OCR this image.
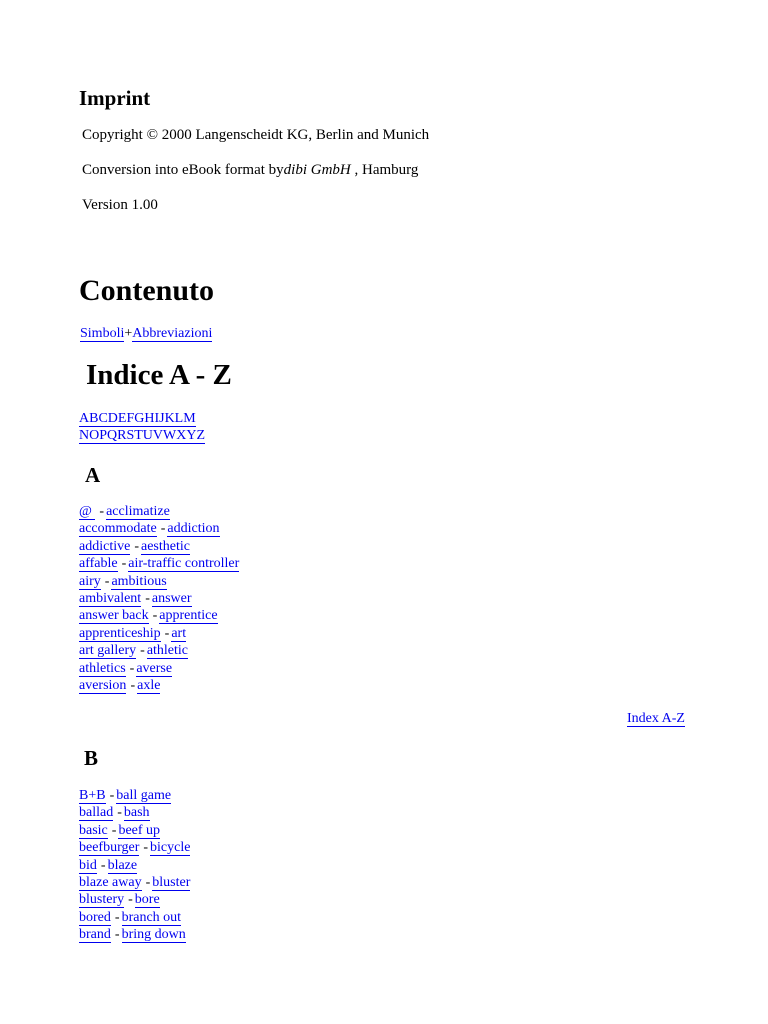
Imprint
Copyright © 2000 Langenscheidt KG, Berlin and Munich
Conversion into eBook format bydibi GmbH , Hamburg
Version 1.00
Contenuto
Simboli+Abbreviazioni
Indice A - Z
ABCDEFGHIJKLM
NOPQRSTUVWXYZ
A
@ - acclimatize
accommodate - addiction
addictive - aesthetic
affable - air-traffic controller
airy - ambitious
ambivalent - answer
answer back - apprentice
apprenticeship - art
art gallery - athletic
athletics - averse
aversion - axle
Index A-Z
B
B+B - ball game
ballad - bash
basic - beef up
beefburger - bicycle
bid - blaze
blaze away - bluster
blustery - bore
bored - branch out
brand - bring down
